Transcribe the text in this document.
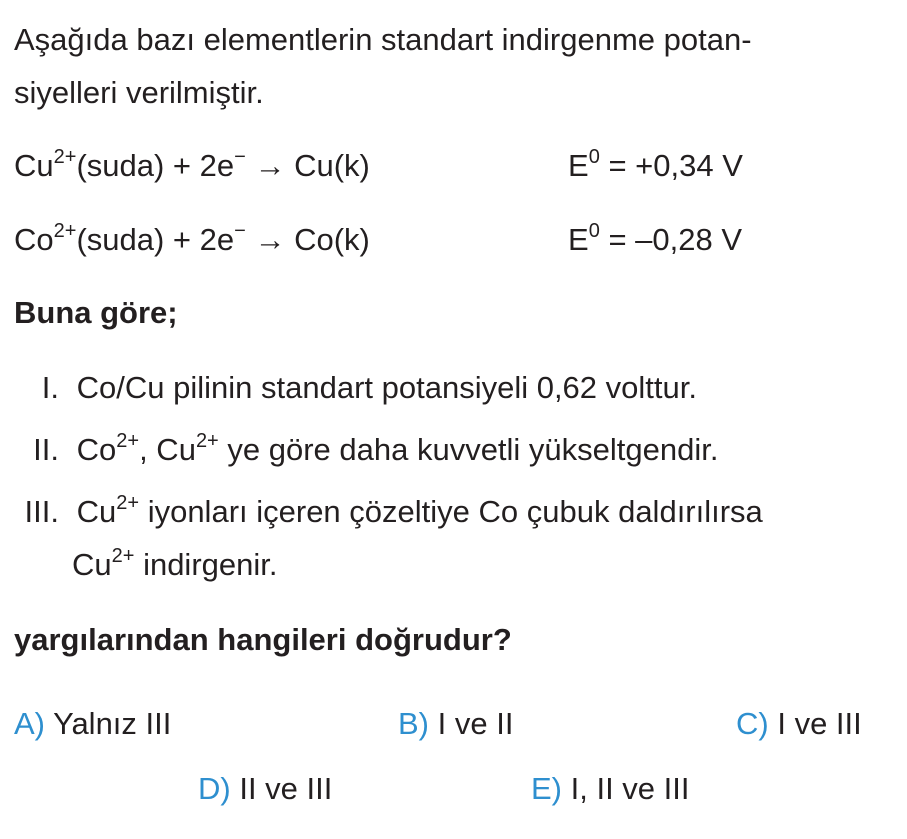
Aşağıda bazı elementlerin standart indirgenme potan-
siyelleri verilmiştir.
$Cu^{2+}(suda) + 2e^- \to Cu(k)$	$E^0 = +0,34$ V
$Co^{2+}(suda) + 2e^- \to Co(k)$	$E^0 = -0,28$ V
Buna göre;
I. Co/Cu pilinin standart potansiyeli 0,62 volttur.
II. $Co^{2+}$, $Cu^{2+}$ ye göre daha kuvvetli yükseltgendir.
III. $Cu^{2+}$ iyonları içeren çözeltiye Co çubuk daldırılırsa
$Cu^{2+}$ indirgenir.
yargılarından hangileri doğrudur?
A) Yalnız III	B) I ve II	C) I ve III
D) II ve III	E) I, II ve III
